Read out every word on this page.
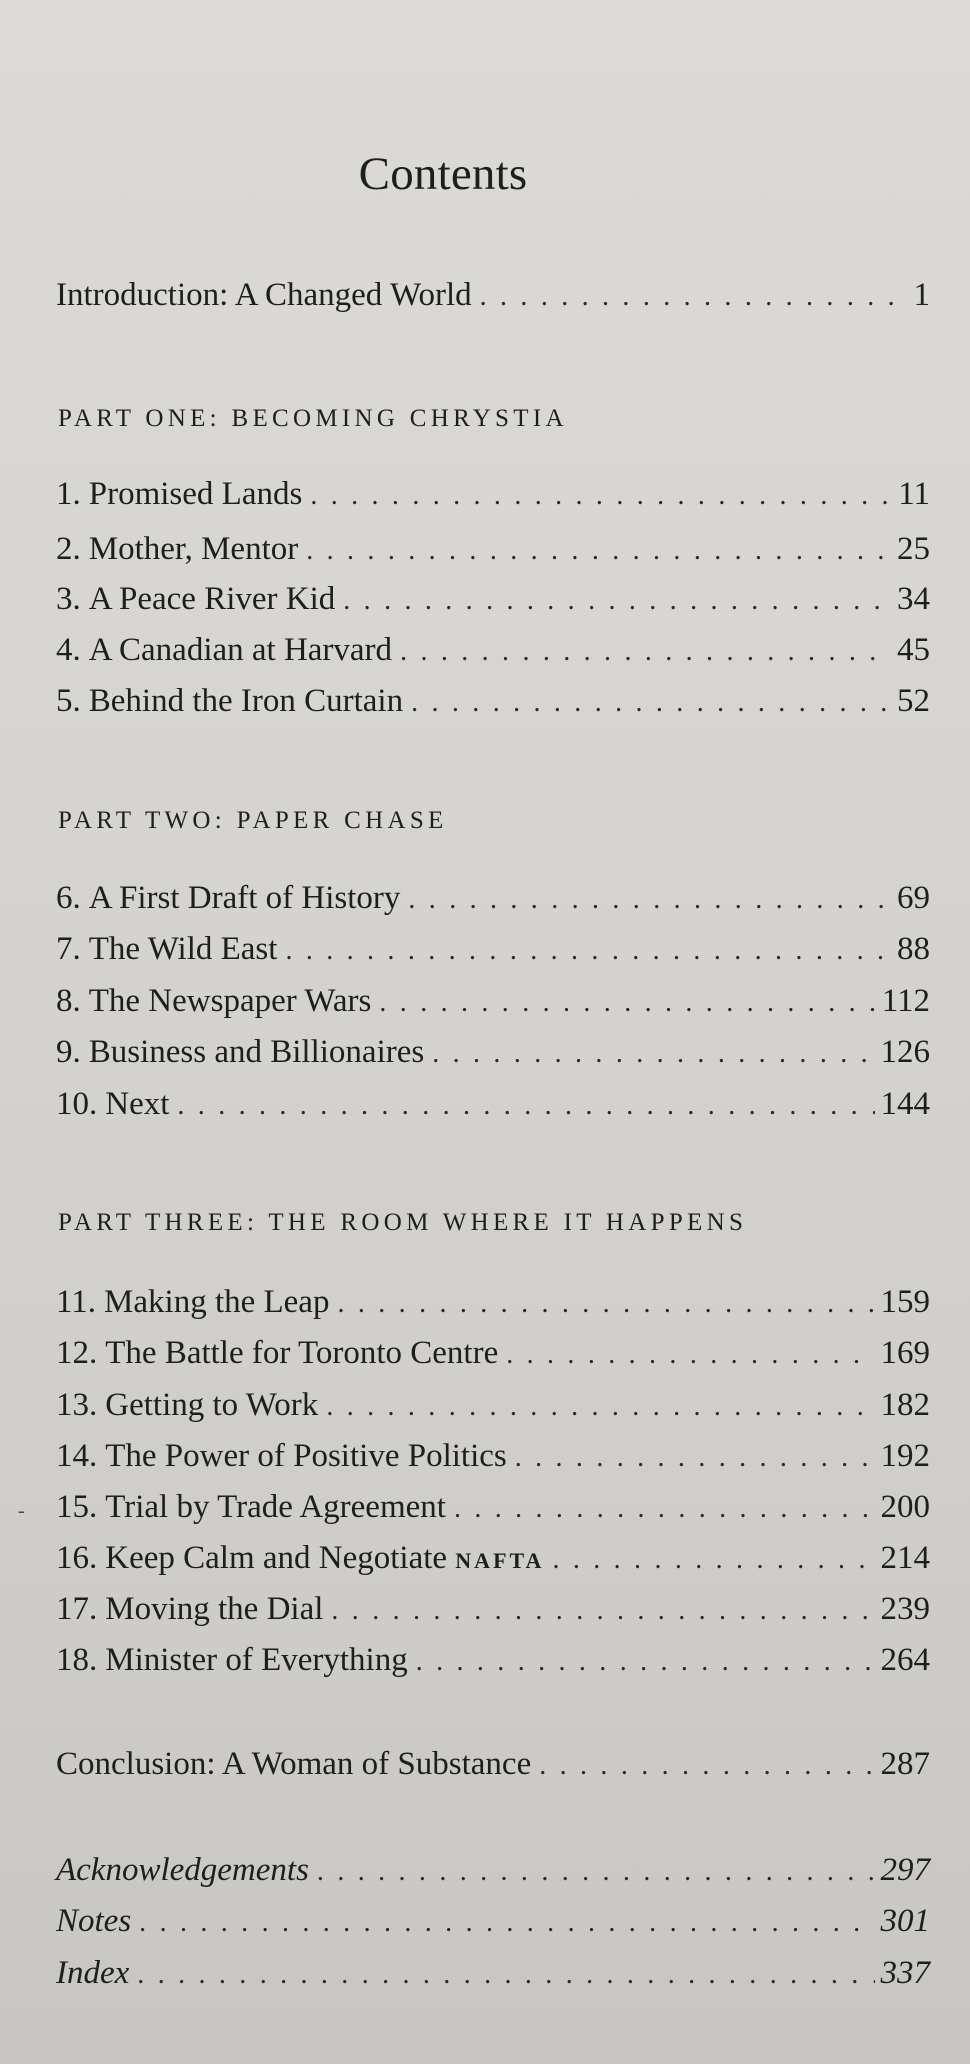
Contents
Introduction: A Changed World . . .	1
PART ONE: BECOMING CHRYSTIA
1. Promised Lands . . .	11
2. Mother, Mentor . . .	25
3. A Peace River Kid . . .	34
4. A Canadian at Harvard . . .	45
5. Behind the Iron Curtain . . .	52
PART TWO: PAPER CHASE
6. A First Draft of History . . .	69
7. The Wild East . . .	88
8. The Newspaper Wars . . .	112
9. Business and Billionaires . . .	126
10. Next . . .	144
PART THREE: THE ROOM WHERE IT HAPPENS
11. Making the Leap . . .	159
12. The Battle for Toronto Centre . . .	169
13. Getting to Work . . .	182
14. The Power of Positive Politics . . .	192
15. Trial by Trade Agreement . . .	200
16. Keep Calm and Negotiate NAFTA . . .	214
17. Moving the Dial . . .	239
18. Minister of Everything . . .	264
Conclusion: A Woman of Substance . . .	287
Acknowledgements . . .	297
Notes . . .	301
Index . . .	337
-
